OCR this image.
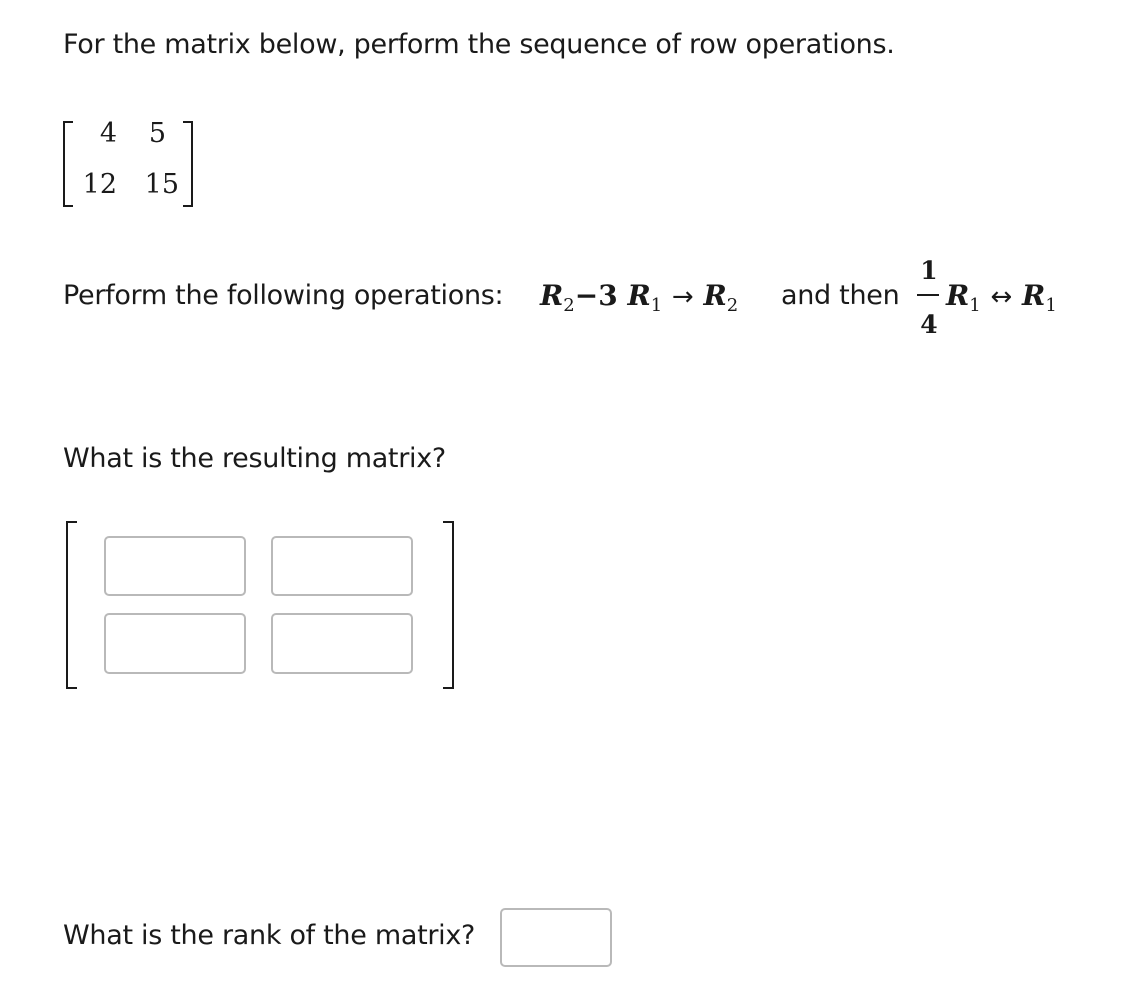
For the matrix below, perform the sequence of row operations.
4	5
12 15
Perform the following operations: $R_2-3$ $R_1 \to R_2$ and then
1
4
$R_1$ ↔ $R_1$
What is the resulting matrix?
What is the rank of the matrix?
